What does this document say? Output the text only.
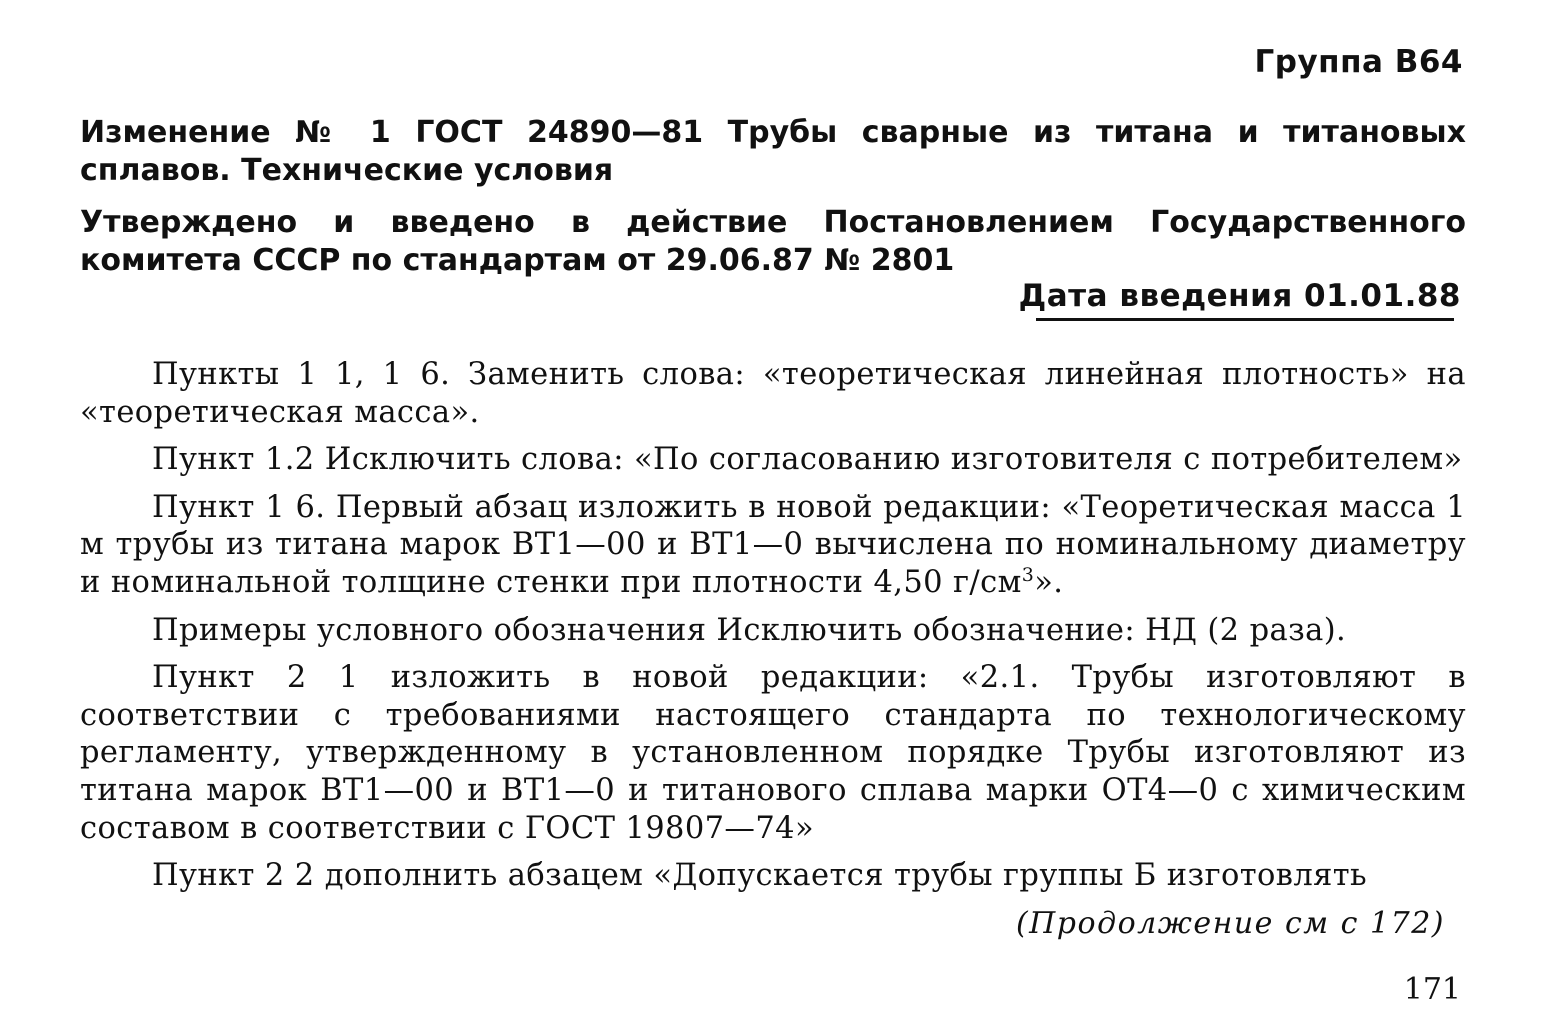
Группа В64
Изменение № 1 ГОСТ 24890—81 Трубы сварные из титана и титановых сплавов. Технические условия
Утверждено и введено в действие Постановлением Государственного комитета СССР по стандартам от 29.06.87 № 2801
Дата введения 01.01.88

Пункты 1 1, 1 6. Заменить слова: «теоретическая линейная плотность» на «теоретическая масса».

Пункт 1.2 Исключить слова: «По согласованию изготовителя с потребителем»

Пункт 1 6. Первый абзац изложить в новой редакции: «Теоретическая масса 1 м трубы из титана марок ВТ1—00 и ВТ1—0 вычислена по номинальному диаметру и номинальной толщине стенки при плотности 4,50 $г/см^3$».

Примеры условного обозначения Исключить обозначение: НД (2 раза).

Пункт 2 1 изложить в новой редакции: «2.1. Трубы изготовляют в соответствии с требованиями настоящего стандарта по технологическому регламенту, утвержденному в установленном порядке Трубы изготовляют из титана марок ВТ1—00 и ВТ1—0 и титанового сплава марки ОТ4—0 с химическим составом в соответствии с ГОСТ 19807—74»

Пункт 2 2 дополнить абзацем «Допускается трубы группы Б изготовлять

(Продолжение см с 172)
171
